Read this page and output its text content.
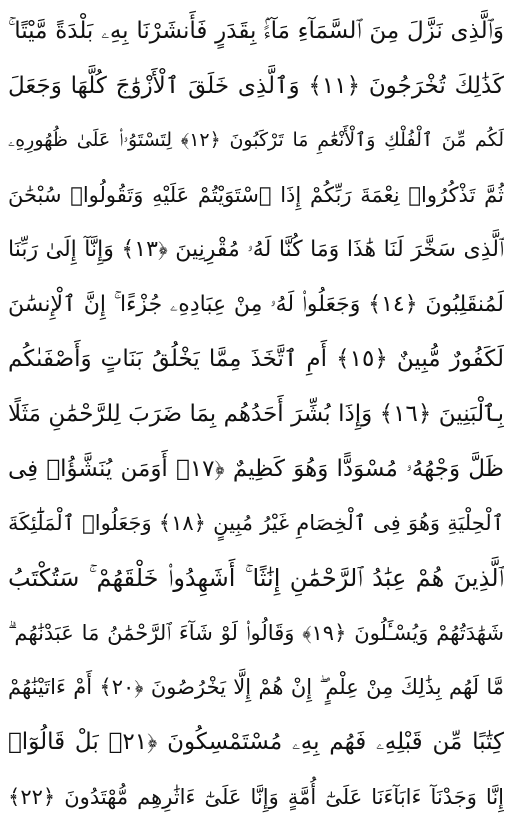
وَٱلَّذِى نَزَّلَ مِنَ ٱلسَّمَآءِ مَآءًۢ بِقَدَرٍ فَأَنشَرْنَا بِهِۦ بَلْدَةً مَّيْتًا ۚ
كَذَٰلِكَ تُخْرَجُونَ ﴿١١﴾ وَٱلَّذِى خَلَقَ ٱلْأَزْوَٰجَ كُلَّهَا وَجَعَلَ
لَكُم مِّنَ ٱلْفُلْكِ وَٱلْأَنْعَٰمِ مَا تَرْكَبُونَ ﴿١٢﴾ لِتَسْتَوُۥا۟ عَلَىٰ ظُهُورِهِۦ
ثُمَّ تَذْكُرُوا۟ نِعْمَةَ رَبِّكُمْ إِذَا ٱسْتَوَيْتُمْ عَلَيْهِ وَتَقُولُوا۟ سُبْحَٰنَ
ٱلَّذِى سَخَّرَ لَنَا هَٰذَا وَمَا كُنَّا لَهُۥ مُقْرِنِينَ ﴿١٣﴾ وَإِنَّآ إِلَىٰ رَبِّنَا
لَمُنقَلِبُونَ ﴿١٤﴾ وَجَعَلُوا۟ لَهُۥ مِنْ عِبَادِهِۦ جُزْءًا ۚ إِنَّ ٱلْإِنسَٰنَ
لَكَفُورٌ مُّبِينٌ ﴿١٥﴾ أَمِ ٱتَّخَذَ مِمَّا يَخْلُقُ بَنَاتٍ وَأَصْفَىٰكُم
بِٱلْبَنِينَ ﴿١٦﴾ وَإِذَا بُشِّرَ أَحَدُهُم بِمَا ضَرَبَ لِلرَّحْمَٰنِ مَثَلًا
ظَلَّ وَجْهُهُۥ مُسْوَدًّا وَهُوَ كَظِيمٌ ﴿١٧﴾ أَوَمَن يُنَشَّؤُا۟ فِى
ٱلْحِلْيَةِ وَهُوَ فِى ٱلْخِصَامِ غَيْرُ مُبِينٍ ﴿١٨﴾ وَجَعَلُوا۟ ٱلْمَلَٰٓئِكَةَ
ٱلَّذِينَ هُمْ عِبَٰدُ ٱلرَّحْمَٰنِ إِنَٰثًا ۚ أَشَهِدُوا۟ خَلْقَهُمْ ۚ سَتُكْتَبُ
شَهَٰدَتُهُمْ وَيُسْـَٔلُونَ ﴿١٩﴾ وَقَالُوا۟ لَوْ شَآءَ ٱلرَّحْمَٰنُ مَا عَبَدْنَٰهُم ۗ
مَّا لَهُم بِذَٰلِكَ مِنْ عِلْمٍ ۖ إِنْ هُمْ إِلَّا يَخْرُصُونَ ﴿٢٠﴾ أَمْ ءَاتَيْنَٰهُمْ
كِتَٰبًا مِّن قَبْلِهِۦ فَهُم بِهِۦ مُسْتَمْسِكُونَ ﴿٢١﴾ بَلْ قَالُوٓا۟
إِنَّا وَجَدْنَآ ءَابَآءَنَا عَلَىٰٓ أُمَّةٍ وَإِنَّا عَلَىٰٓ ءَاثَٰرِهِم مُّهْتَدُونَ ﴿٢٢﴾
